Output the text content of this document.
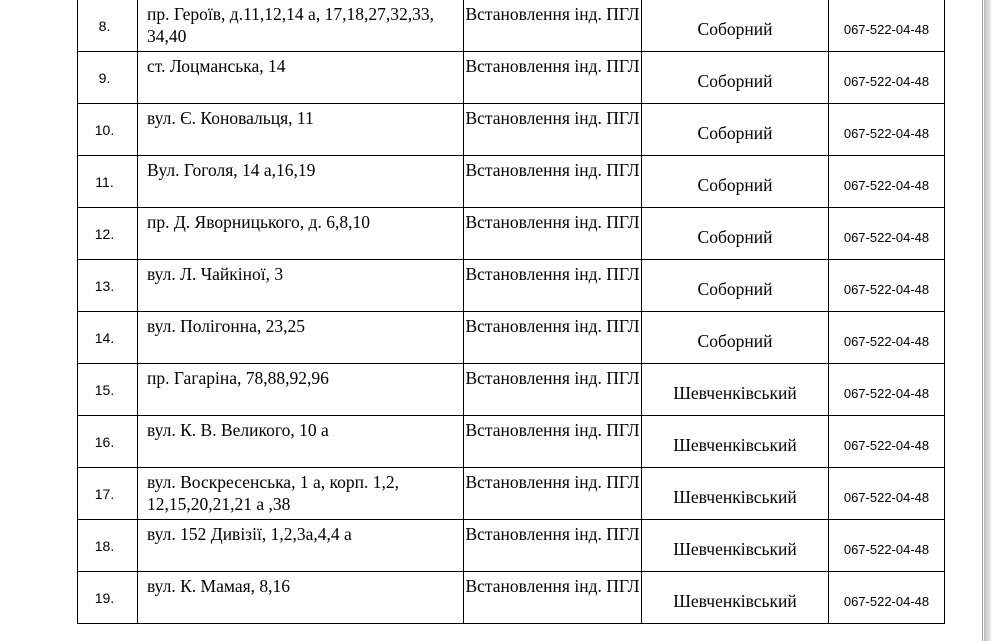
8.	пр. Героїв, д.11,12,14 а, 17,18,27,32,33, 34,40	Встановлення інд. ПГЛ	Соборний	067-522-04-48
9.	ст. Лоцманська, 14	Встановлення інд. ПГЛ	Соборний	067-522-04-48
10.	вул. Є. Коновальця, 11	Встановлення інд. ПГЛ	Соборний	067-522-04-48
11.	Вул. Гоголя, 14 а,16,19	Встановлення інд. ПГЛ	Соборний	067-522-04-48
12.	пр. Д. Яворницького, д. 6,8,10	Встановлення інд. ПГЛ	Соборний	067-522-04-48
13.	вул. Л. Чайкіної, 3	Встановлення інд. ПГЛ	Соборний	067-522-04-48
14.	вул. Полігонна, 23,25	Встановлення інд. ПГЛ	Соборний	067-522-04-48
15.	пр. Гагаріна, 78,88,92,96	Встановлення інд. ПГЛ	Шевченківський	067-522-04-48
16.	вул. К. В. Великого, 10 а	Встановлення інд. ПГЛ	Шевченківський	067-522-04-48
17.	вул. Воскресенська, 1 а, корп. 1,2, 12,15,20,21,21 а ,38	Встановлення інд. ПГЛ	Шевченківський	067-522-04-48
18.	вул. 152 Дивізії, 1,2,3а,4,4 а	Встановлення інд. ПГЛ	Шевченківський	067-522-04-48
19.	вул. К. Мамая, 8,16	Встановлення інд. ПГЛ	Шевченківський	067-522-04-48
